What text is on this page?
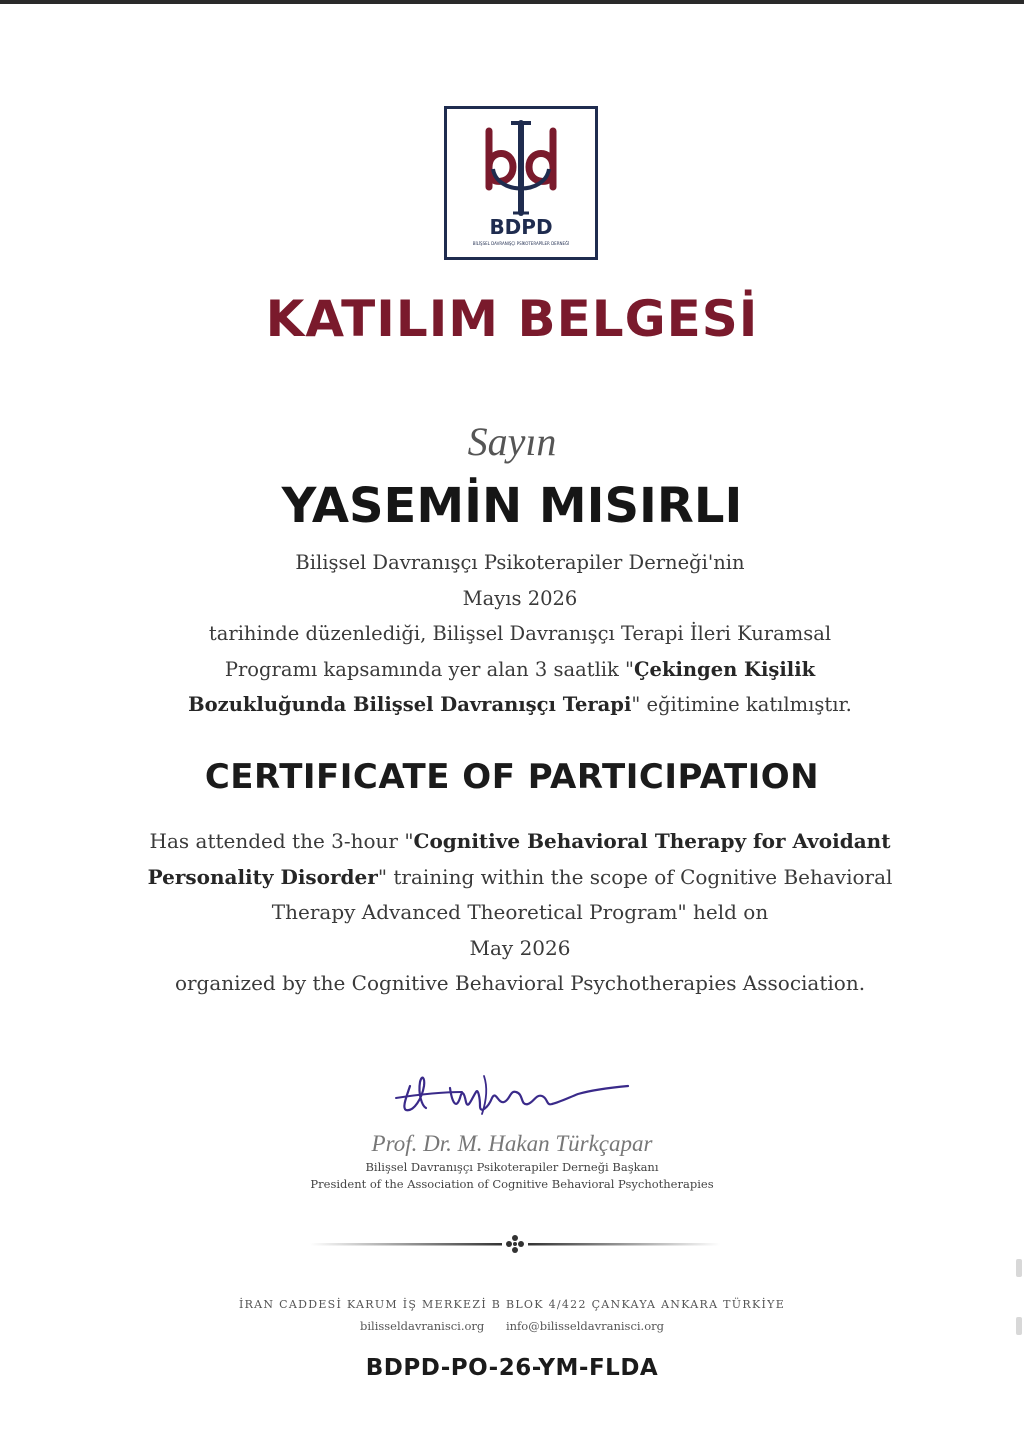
BDPD
BİLİŞSEL DAVRANIŞÇI PSİKOTERAPİLER DERNEĞİ
KATILIM BELGESİ
Sayın
YASEMİN MISIRLI
Bilişsel Davranışçı Psikoterapiler Derneği'nin
Mayıs 2026
tarihinde düzenlediği, Bilişsel Davranışçı Terapi İleri Kuramsal
Programı kapsamında yer alan 3 saatlik "Çekingen Kişilik
Bozukluğunda Bilişsel Davranışçı Terapi" eğitimine katılmıştır.
CERTIFICATE OF PARTICIPATION
Has attended the 3-hour "Cognitive Behavioral Therapy for Avoidant
Personality Disorder" training within the scope of Cognitive Behavioral
Therapy Advanced Theoretical Program" held on
May 2026
organized by the Cognitive Behavioral Psychotherapies Association.
Prof. Dr. M. Hakan Türkçapar
Bilişsel Davranışçı Psikoterapiler Derneği Başkanı
President of the Association of Cognitive Behavioral Psychotherapies
İRAN CADDESİ KARUM İŞ MERKEZİ B BLOK 4/422 ÇANKAYA ANKARA TÜRKİYE
bilisseldavranisci.org info@bilisseldavranisci.org
BDPD-PO-26-YM-FLDA
